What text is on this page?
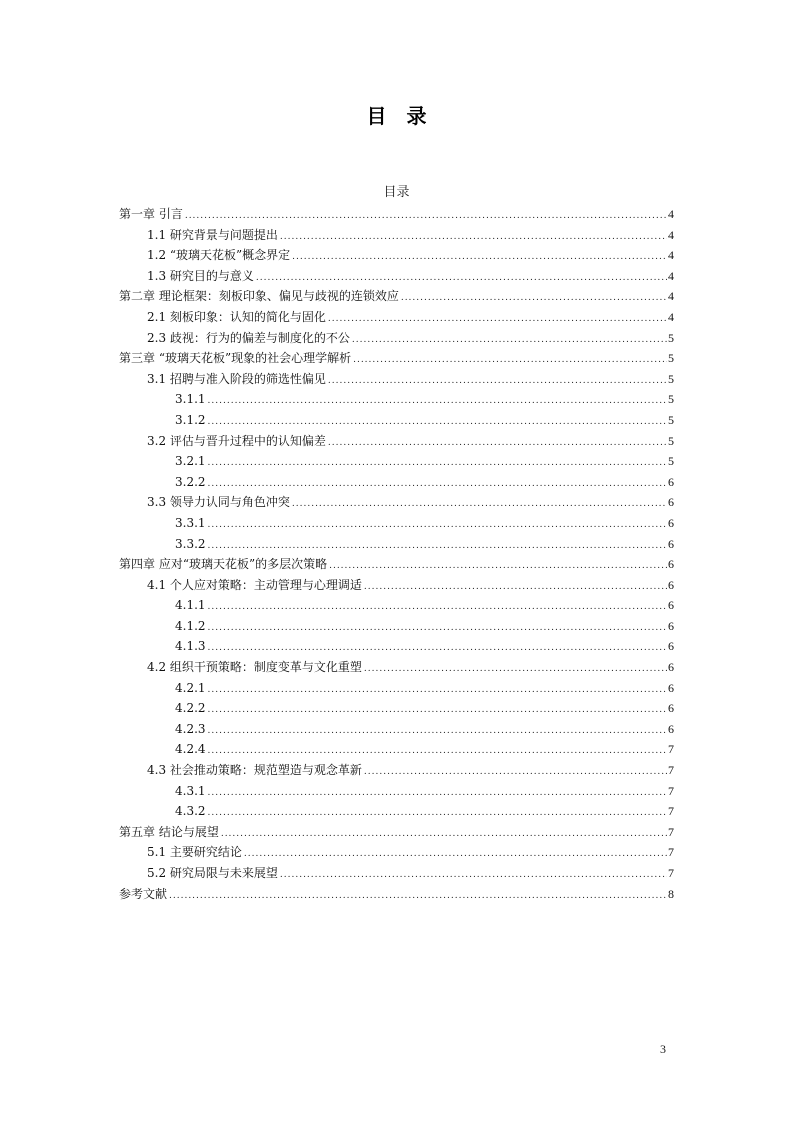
目录
目录
第一章 引言 .....	4
1.1 研究背景与问题提出 .....	4
1.2 “玻璃天花板”概念界定 .....	4
1.3 研究目的与意义 .....	4
第二章 理论框架：刻板印象、偏见与歧视的连锁效应 .....	4
2.1 刻板印象：认知的简化与固化 .....	4
2.3 歧视：行为的偏差与制度化的不公 .....	5
第三章 “玻璃天花板”现象的社会心理学解析 .....	5
3.1 招聘与准入阶段的筛选性偏见 .....	5
3.1.1 .....	5
3.1.2 .....	5
3.2 评估与晋升过程中的认知偏差 .....	5
3.2.1 .....	5
3.2.2 .....	6
3.3 领导力认同与角色冲突 .....	6
3.3.1 .....	6
3.3.2 .....	6
第四章 应对“玻璃天花板”的多层次策略 .....	6
4.1 个人应对策略：主动管理与心理调适 .....	6
4.1.1 .....	6
4.1.2 .....	6
4.1.3 .....	6
4.2 组织干预策略：制度变革与文化重塑 .....	6
4.2.1 .....	6
4.2.2 .....	6
4.2.3 .....	6
4.2.4 .....	7
4.3 社会推动策略：规范塑造与观念革新 .....	7
4.3.1 .....	7
4.3.2 .....	7
第五章 结论与展望 .....	7
5.1 主要研究结论 .....	7
5.2 研究局限与未来展望 .....	7
参考文献 .....	8
3
